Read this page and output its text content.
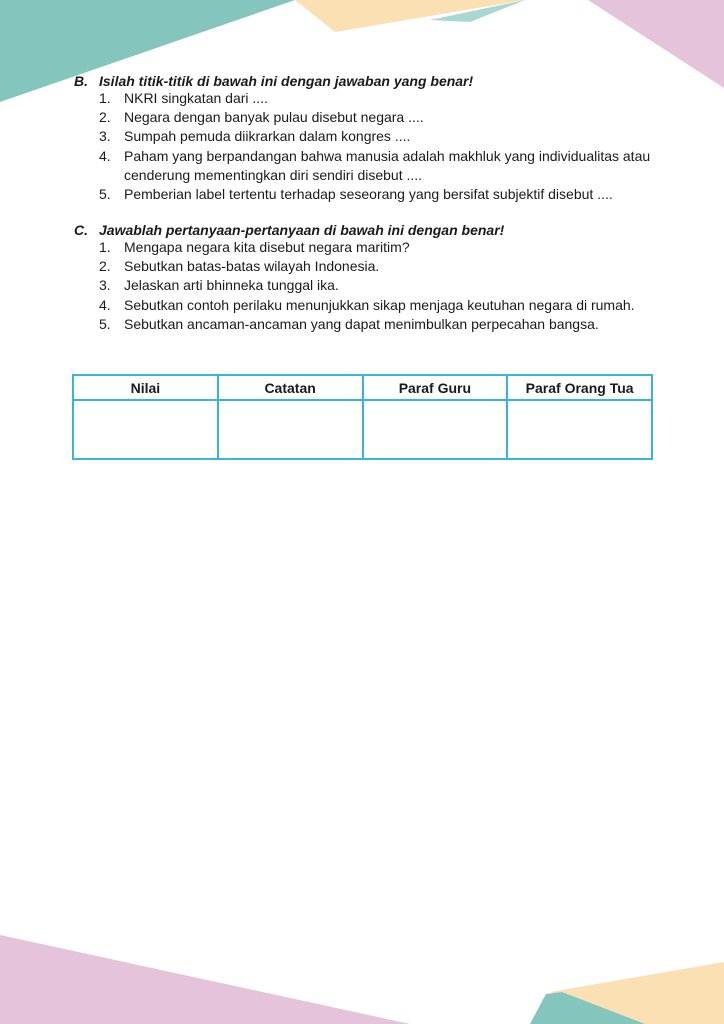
B. Isilah titik-titik di bawah ini dengan jawaban yang benar!
1. NKRI singkatan dari ....
2. Negara dengan banyak pulau disebut negara ....
3. Sumpah pemuda diikrarkan dalam kongres ....
4. Paham yang berpandangan bahwa manusia adalah makhluk yang individualitas atau cenderung mementingkan diri sendiri disebut ....
5. Pemberian label tertentu terhadap seseorang yang bersifat subjektif disebut ....
C. Jawablah pertanyaan-pertanyaan di bawah ini dengan benar!
1. Mengapa negara kita disebut negara maritim?
2. Sebutkan batas-batas wilayah Indonesia.
3. Jelaskan arti bhinneka tunggal ika.
4. Sebutkan contoh perilaku menunjukkan sikap menjaga keutuhan negara di rumah.
5. Sebutkan ancaman-ancaman yang dapat menimbulkan perpecahan bangsa.
Nilai	Catatan	Paraf Guru	Paraf Orang Tua
